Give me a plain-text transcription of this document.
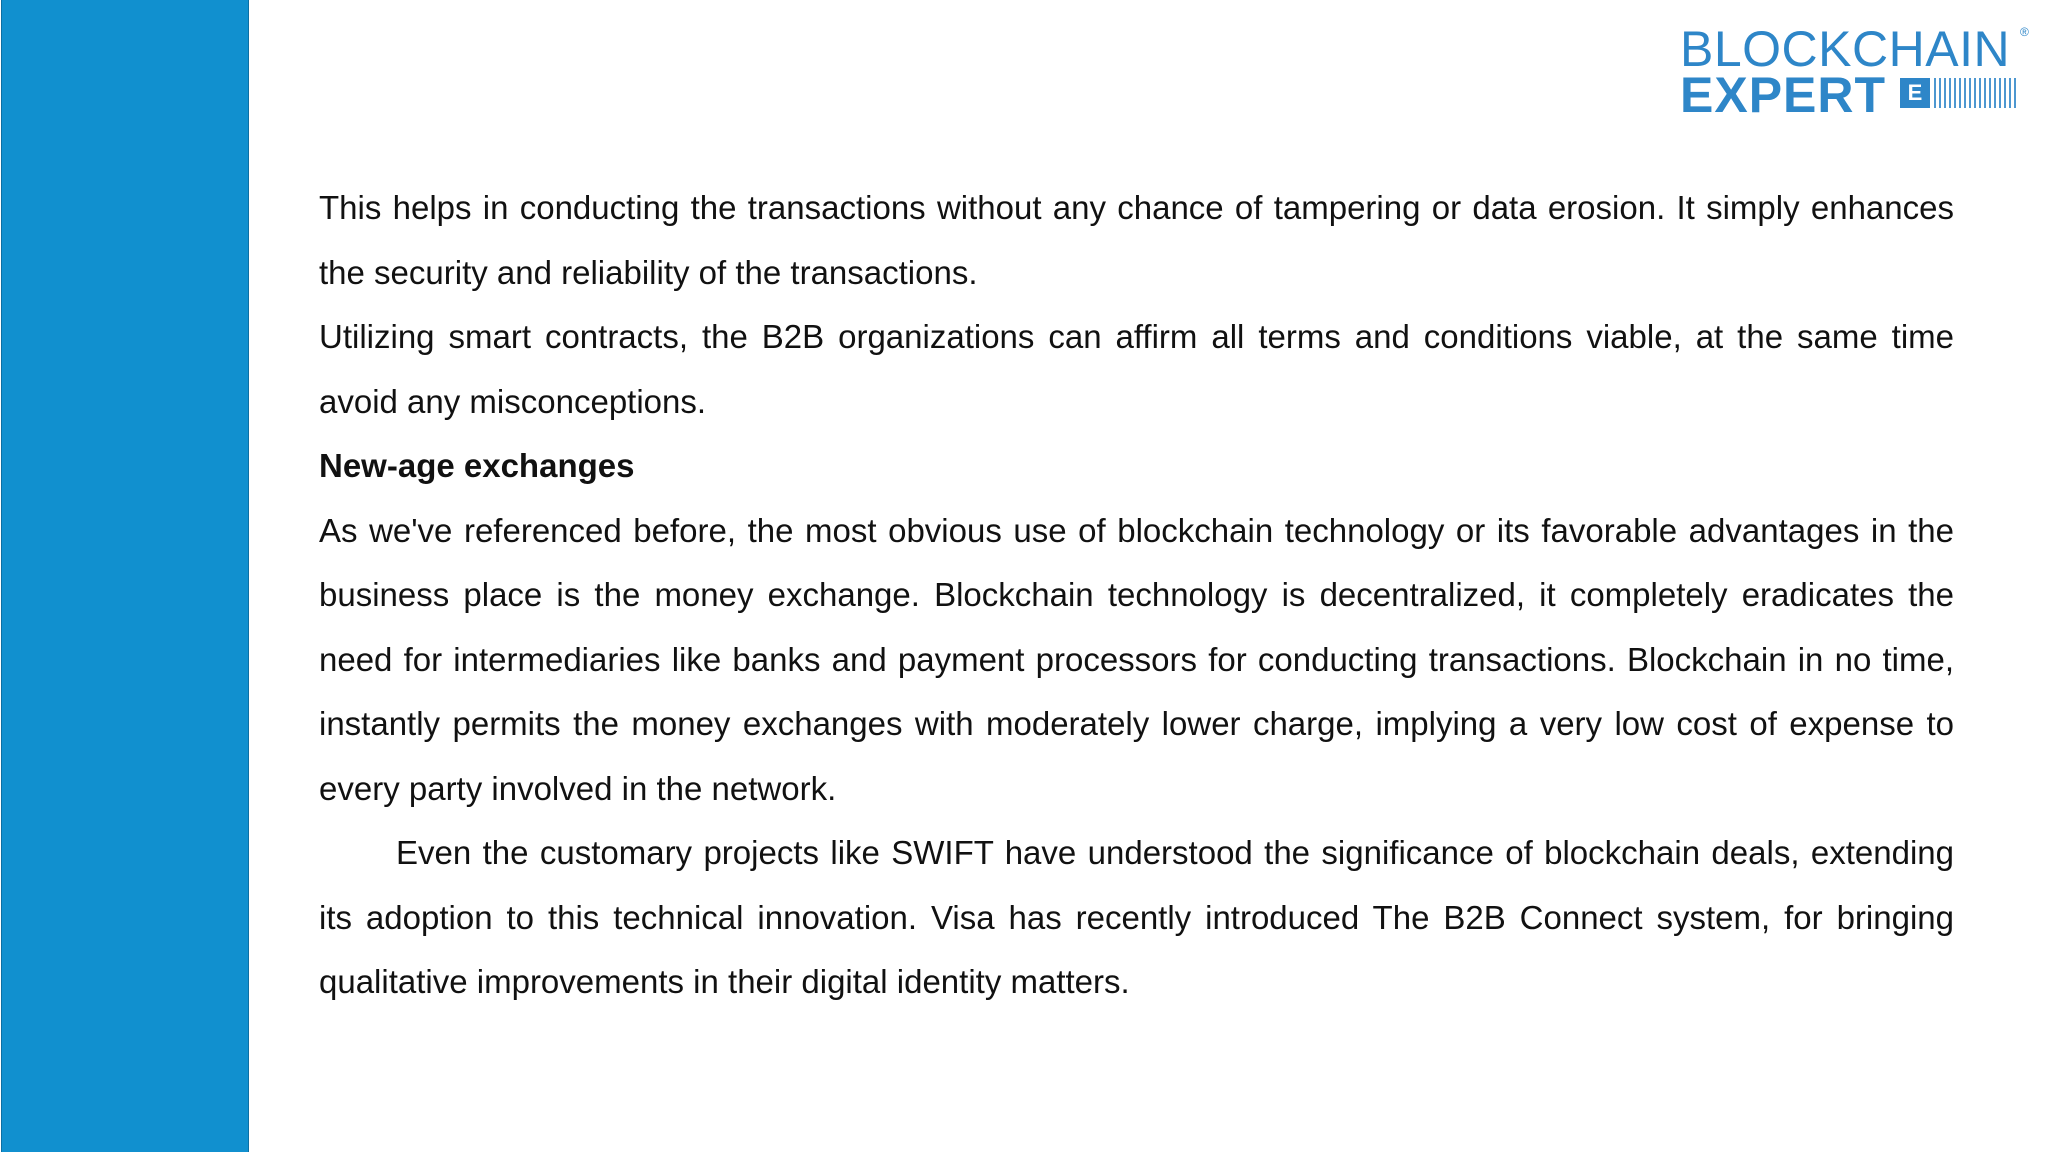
BLOCKCHAIN ®
EXPERT E

This helps in conducting the transactions without any chance of tampering or data erosion. It simply enhances the security and reliability of the transactions.

Utilizing smart contracts, the B2B organizations can affirm all terms and conditions viable, at the same time avoid any misconceptions.

New-age exchanges

As we've referenced before, the most obvious use of blockchain technology or its favorable advantages in the business place is the money exchange. Blockchain technology is decentralized, it completely eradicates the need for intermediaries like banks and payment processors for conducting transactions. Blockchain in no time, instantly permits the money exchanges with moderately lower charge, implying a very low cost of expense to every party involved in the network.

Even the customary projects like SWIFT have understood the significance of blockchain deals, extending its adoption to this technical innovation. Visa has recently introduced The B2B Connect system, for bringing qualitative improvements in their digital identity matters.
